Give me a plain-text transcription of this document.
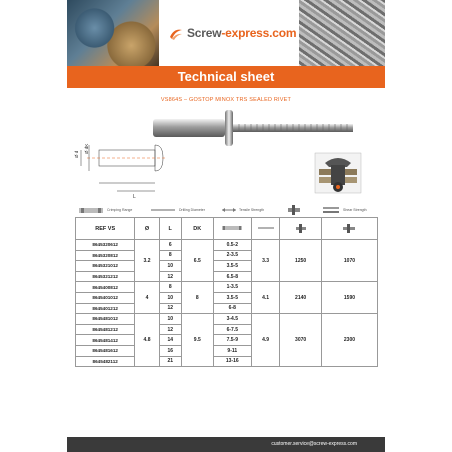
Screw-express.com
Technical sheet
VS864S – GOSTOP MINOX TRS SEALED RIVET
Ø d
Ø dK
L
Crimping Range	Drilling Diameter	Tensile Strength	Shear Strength
REF VS	Ø	L	DK				
8645320612	3.2	6	6.5	0.5-2	3.3	1250	1070
8645320812		8		2-3.5			
8645321012		10		3.5-5			
8645321212		12		6.5-8			
8645400812	4	8	8	1-3.5	4.1	2140	1590
8645401012		10		3.5-5			
8645401212		12		6-8			
8645481012	4.8	10	9.5	3-4.5	4.9	3070	2300
8645481212		12		6-7.5			
8645481412		14		7.5-9			
8645481612		16		9-11			
8645482112		21		13-16			
customer.service@screw-express.com
